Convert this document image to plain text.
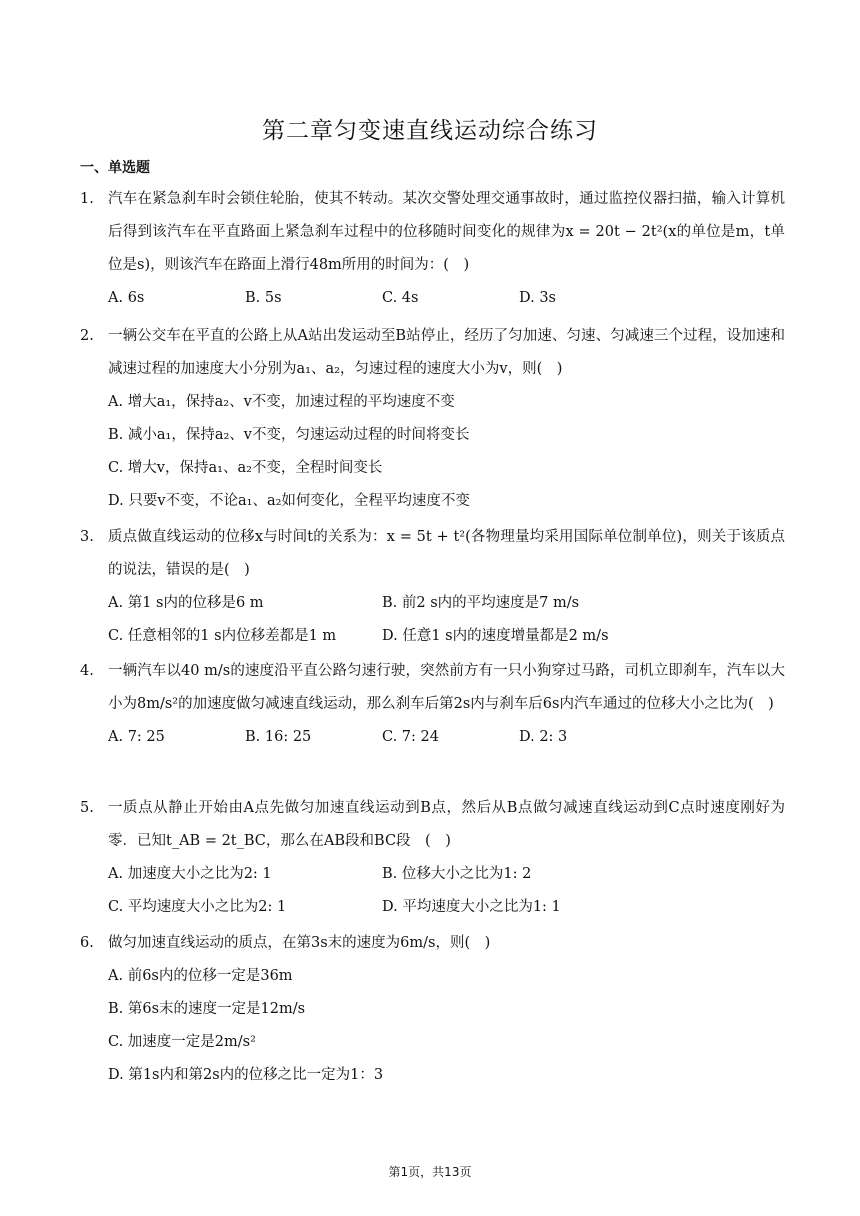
第二章匀变速直线运动综合练习
一、单选题
1. 汽车在紧急刹车时会锁住轮胎，使其不转动。某次交警处理交通事故时，通过监控仪器扫描，输入计算机后得到该汽车在平直路面上紧急刹车过程中的位移随时间变化的规律为x = 20t − 2t²(x的单位是m，t单位是s)，则该汽车在路面上滑行48m所用的时间为：(　)
A. 6s	B. 5s	C. 4s	D. 3s
2. 一辆公交车在平直的公路上从A站出发运动至B站停止，经历了匀加速、匀速、匀减速三个过程，设加速和减速过程的加速度大小分别为a₁、a₂，匀速过程的速度大小为v，则(　)
A. 增大a₁，保持a₂、v不变，加速过程的平均速度不变
B. 减小a₁，保持a₂、v不变，匀速运动过程的时间将变长
C. 增大v，保持a₁、a₂不变，全程时间变长
D. 只要v不变，不论a₁、a₂如何变化，全程平均速度不变
3. 质点做直线运动的位移x与时间t的关系为：x = 5t + t²(各物理量均采用国际单位制单位)，则关于该质点的说法，错误的是(　)
A. 第1 s内的位移是6 m	B. 前2 s内的平均速度是7 m/s
C. 任意相邻的1 s内位移差都是1 m	D. 任意1 s内的速度增量都是2 m/s
4. 一辆汽车以40 m/s的速度沿平直公路匀速行驶，突然前方有一只小狗穿过马路，司机立即刹车，汽车以大小为8m/s²的加速度做匀减速直线运动，那么刹车后第2s内与刹车后6s内汽车通过的位移大小之比为(　)
A. 7: 25	B. 16: 25	C. 7: 24	D. 2: 3
5. 一质点从静止开始由A点先做匀加速直线运动到B点，然后从B点做匀减速直线运动到C点时速度刚好为零．已知t_AB = 2t_BC，那么在AB段和BC段　(　)
A. 加速度大小之比为2: 1	B. 位移大小之比为1: 2
C. 平均速度大小之比为2: 1	D. 平均速度大小之比为1: 1
6. 做匀加速直线运动的质点，在第3s末的速度为6m/s，则(　)
A. 前6s内的位移一定是36m
B. 第6s末的速度一定是12m/s
C. 加速度一定是2m/s²
D. 第1s内和第2s内的位移之比一定为1：3
第1页，共13页
